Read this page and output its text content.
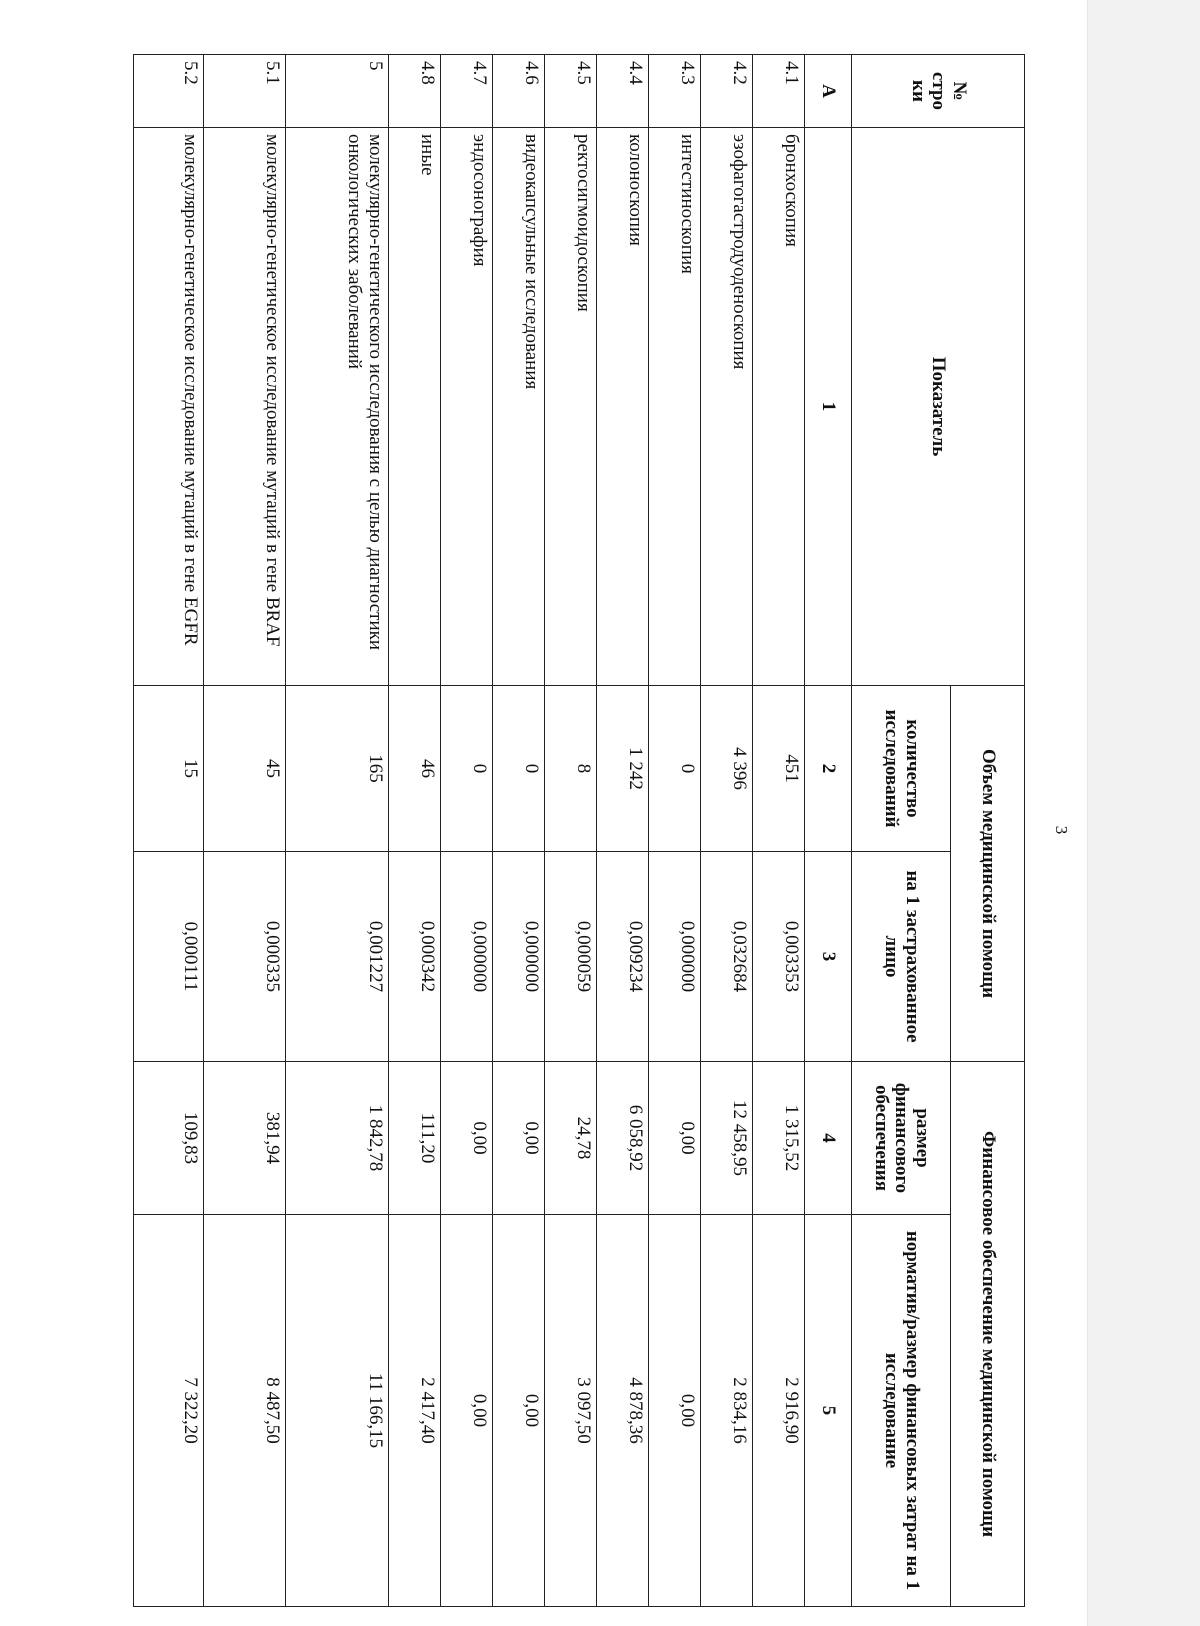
3
№ стро ки	Показатель	Объем медицинской помощи		Финансовое обеспечение медицинской помощи	
		количество исследований	на 1 застрахованное лицо	размер финансового обеспечения	норматив/размер финансовых затрат на 1 исследование
А	1	2	3	4	5
4.1	бронхоскопия	451	0,003353	1 315,52	2 916,90
4.2	эзофагогастродуоденоскопия	4 396	0,032684	12 458,95	2 834,16
4.3	интестиноскопия	0	0,000000	0,00	0,00
4.4	колоноскопия	1 242	0,009234	6 058,92	4 878,36
4.5	ректосигмоидоскопия	8	0,000059	24,78	3 097,50
4.6	видеокапсульные исследования	0	0,000000	0,00	0,00
4.7	эндосонография	0	0,000000	0,00	0,00
4.8	иные	46	0,000342	111,20	2 417,40
5	молекулярно-генетического исследования с целью диагностики онкологических заболеваний	165	0,001227	1 842,78	11 166,15
5.1	молекулярно-генетическое исследование мутаций в гене BRAF	45	0,000335	381,94	8 487,50
5.2	молекулярно-генетическое исследование мутаций в гене EGFR	15	0,000111	109,83	7 322,20
